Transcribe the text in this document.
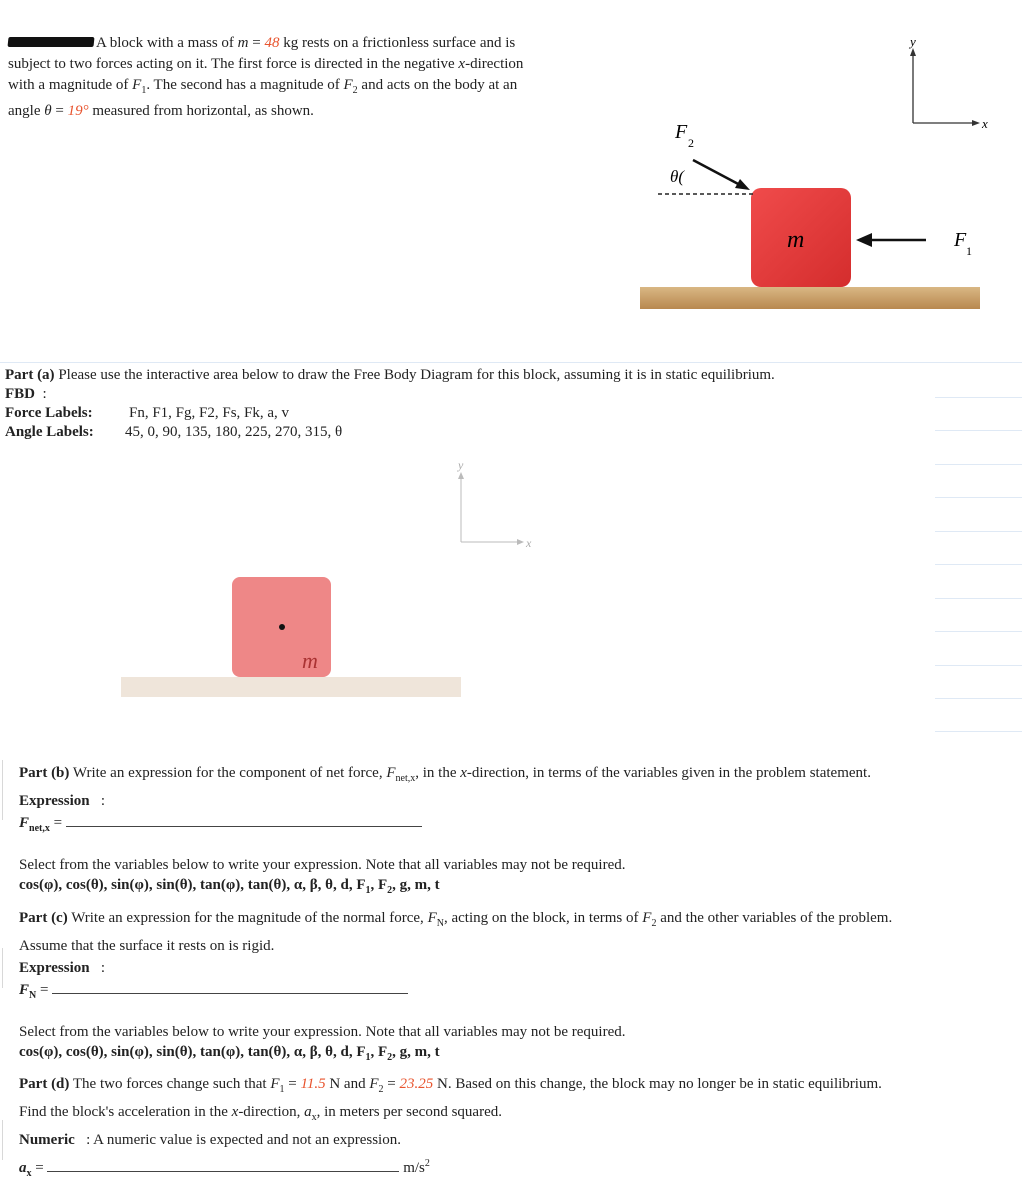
A block with a mass of m = 48 kg rests on a frictionless surface and is

subject to two forces acting on it. The first force is directed in the negative x-direction

with a magnitude of $F_1$. The second has a magnitude of $F_2$ and acts on the body at an

angle θ = 19° measured from horizontal, as shown.

y
x
m
F 2
θ(
F 1

Part (a) Please use the interactive area below to draw the Free Body Diagram for this block, assuming it is in static equilibrium.

FBD :

Force Labels: Fn, F1, Fg, F2, Fs, Fk, a, v

Angle Labels: 45, 0, 90, 135, 180, 225, 270, 315, θ

y
x
m

Part (b) Write an expression for the component of net force, $F_{net,x}$, in the x-direction, in terms of the variables given in the problem statement.

Expression :

$F_{net,x}$ =

Select from the variables below to write your expression. Note that all variables may not be required.

cos(φ), cos(θ), sin(φ), sin(θ), tan(φ), tan(θ), α, β, θ, d, $F_1$, $F_2$, g, m, t

Part (c) Write an expression for the magnitude of the normal force, $F_N$, acting on the block, in terms of $F_2$ and the other variables of the problem.

Assume that the surface it rests on is rigid.

Expression :

$F_N$ =

Select from the variables below to write your expression. Note that all variables may not be required.

cos(φ), cos(θ), sin(φ), sin(θ), tan(φ), tan(θ), α, β, θ, d, $F_1$, $F_2$, g, m, t

Part (d) The two forces change such that $F_1 = 11.5$ N and $F_2 = 23.25$ N. Based on this change, the block may no longer be in static equilibrium.

Find the block's acceleration in the x-direction, $a_x$, in meters per second squared.

Numeric : A numeric value is expected and not an expression.

$a_x$ =	$m/s^2$
